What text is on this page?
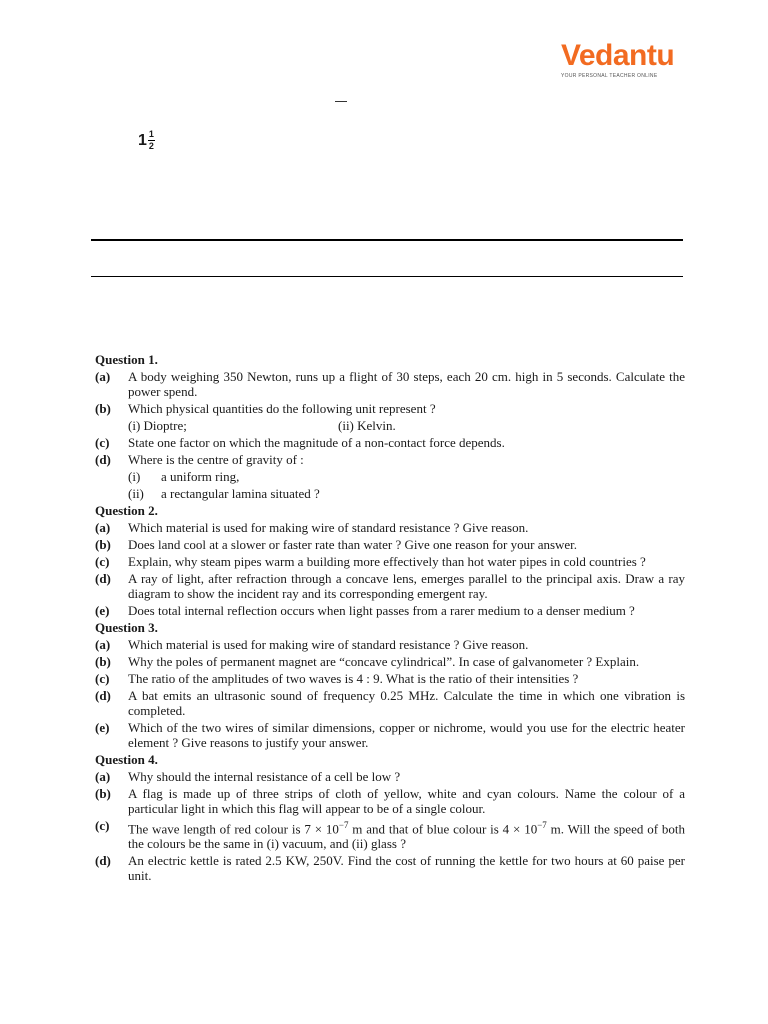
Vedantu
YOUR PERSONAL TEACHER ONLINE
$1 \frac{1}{2}$
Question 1.
(a)	A body weighing 350 Newton, runs up a flight of 30 steps, each 20 cm. high in 5 seconds. Calculate the power spend.
(b)	Which physical quantities do the following unit represent ?
(i) Dioptre;	(ii) Kelvin.
(c)	State one factor on which the magnitude of a non-contact force depends.
(d)	Where is the centre of gravity of :
(i)	a uniform ring,
(ii)	a rectangular lamina situated ?
Question 2.
(a)	Which material is used for making wire of standard resistance ? Give reason.
(b)	Does land cool at a slower or faster rate than water ? Give one reason for your answer.
(c)	Explain, why steam pipes warm a building more effectively than hot water pipes in cold countries ?
(d)	A ray of light, after refraction through a concave lens, emerges parallel to the principal axis. Draw a ray diagram to show the incident ray and its corresponding emergent ray.
(e)	Does total internal reflection occurs when light passes from a rarer medium to a denser medium ?
Question 3.
(a)	Which material is used for making wire of standard resistance ? Give reason.
(b)	Why the poles of permanent magnet are “concave cylindrical”. In case of galvanometer ? Explain.
(c)	The ratio of the amplitudes of two waves is 4 : 9. What is the ratio of their intensities ?
(d)	A bat emits an ultrasonic sound of frequency 0.25 MHz. Calculate the time in which one vibration is completed.
(e)	Which of the two wires of similar dimensions, copper or nichrome, would you use for the electric heater element ? Give reasons to justify your answer.
Question 4.
(a)	Why should the internal resistance of a cell be low ?
(b)	A flag is made up of three strips of cloth of yellow, white and cyan colours. Name the colour of a particular light in which this flag will appear to be of a single colour.
(c)	The wave length of red colour is $7 \times 10^{-7}$ m and that of blue colour is $4 \times 10^{-7}$ m. Will the speed of both the colours be the same in (i) vacuum, and (ii) glass ?
(d)	An electric kettle is rated 2.5 KW, 250V. Find the cost of running the kettle for two hours at 60 paise per unit.
